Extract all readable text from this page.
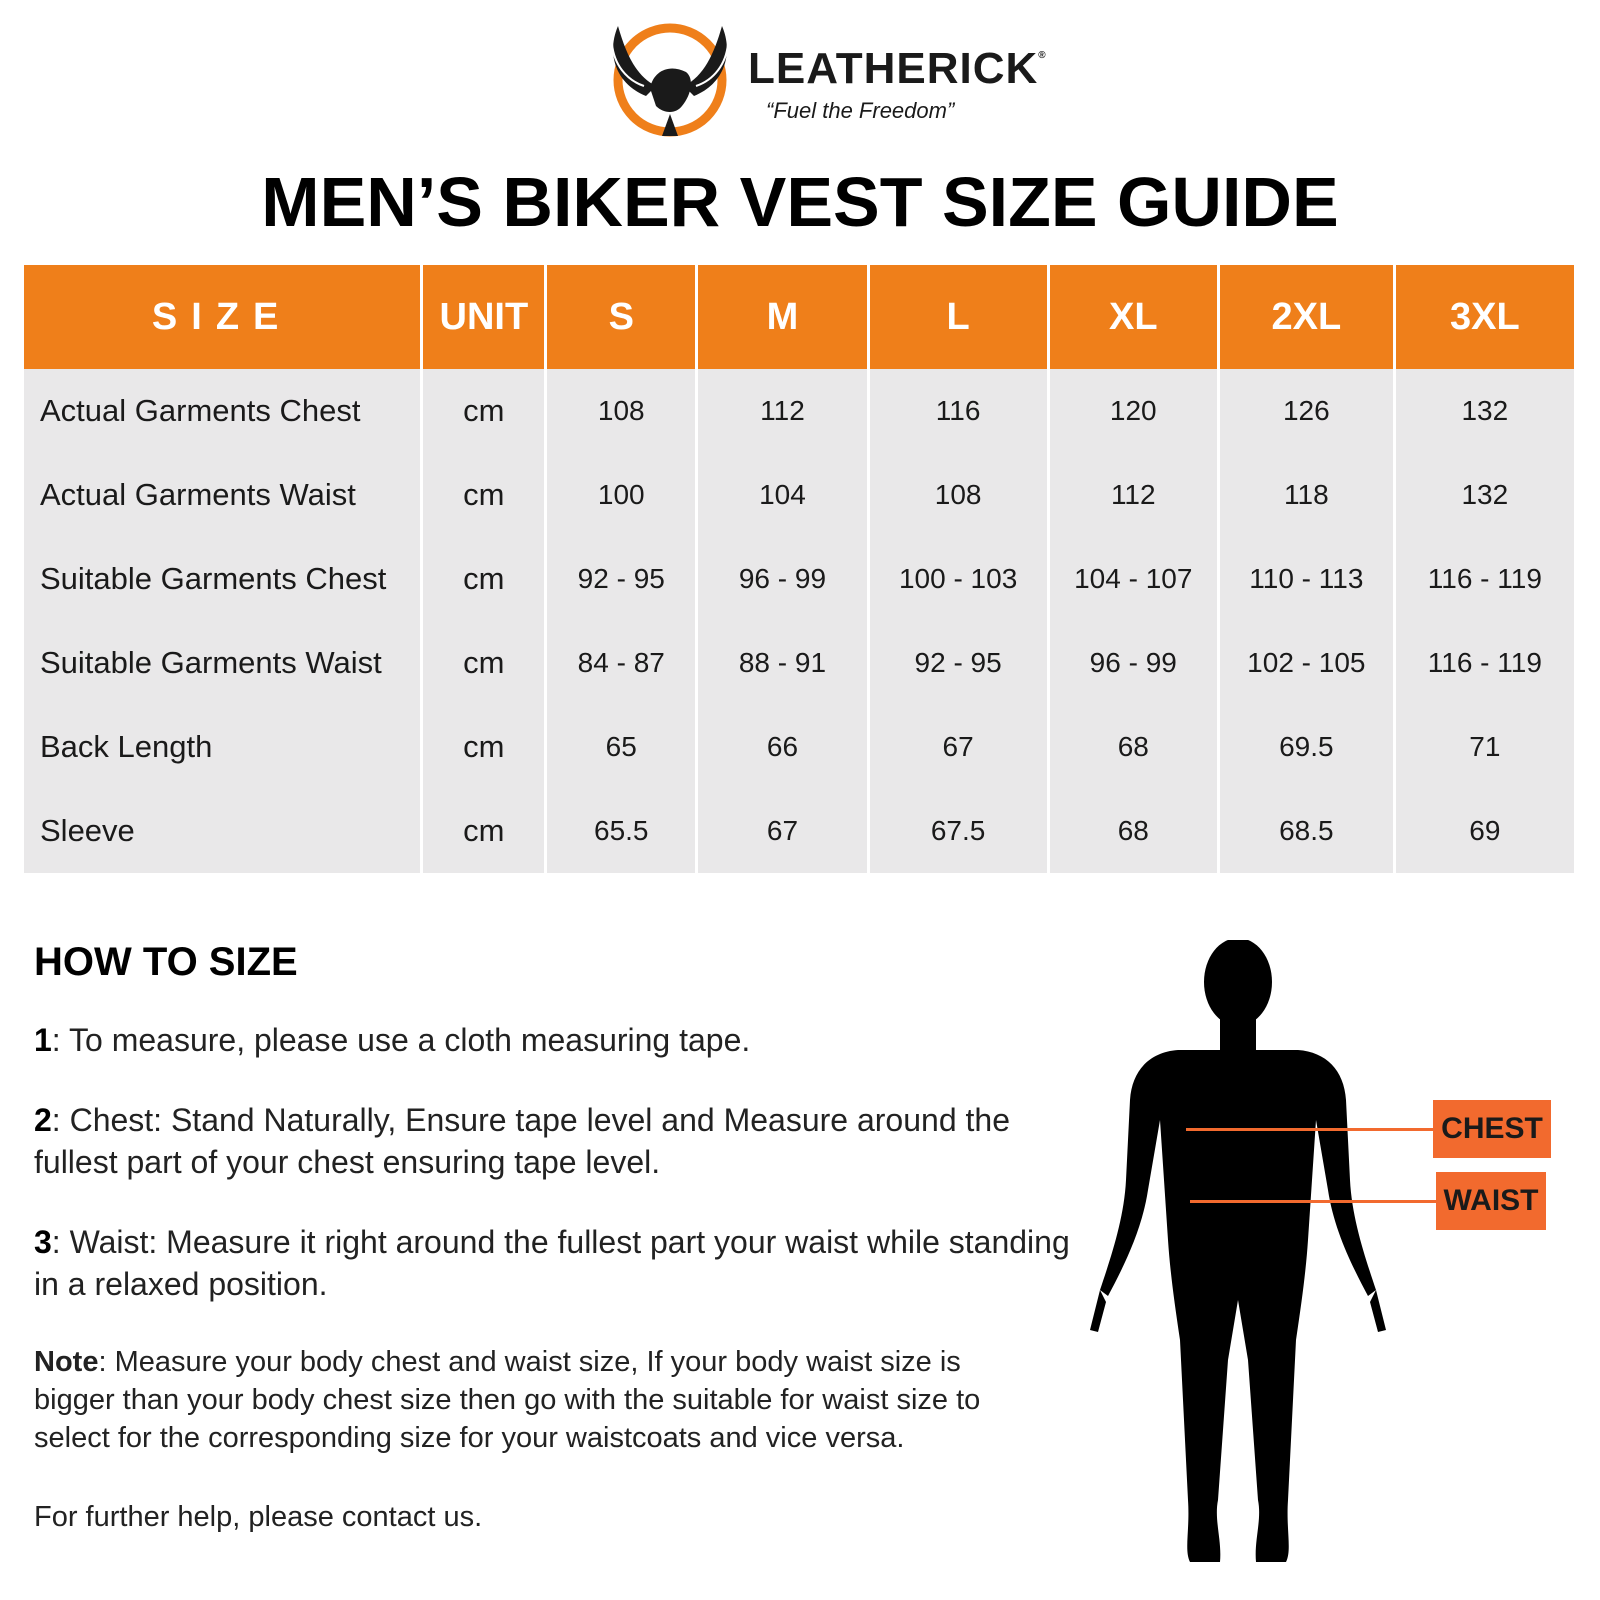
LEATHERICK®
“Fuel the Freedom”
MEN’S BIKER VEST SIZE GUIDE
SIZE	UNIT	S	M	L	XL	2XL	3XL
Actual Garments Chest	cm	108	112	116	120	126	132
Actual Garments Waist	cm	100	104	108	112	118	132
Suitable Garments Chest	cm	92 - 95	96 - 99	100 - 103	104 - 107	110 - 113	116 - 119
Suitable Garments Waist	cm	84 - 87	88 - 91	92 - 95	96 - 99	102 - 105	116 - 119
Back Length	cm	65	66	67	68	69.5	71
Sleeve	cm	65.5	67	67.5	68	68.5	69
HOW TO SIZE

1: To measure, please use a cloth measuring tape.

2: Chest: Stand Naturally, Ensure tape level and Measure around the fullest part of your chest ensuring tape level.

3: Waist: Measure it right around the fullest part your waist while standing in a relaxed position.

Note: Measure your body chest and waist size, If your body waist size is bigger than your body chest size then go with the suitable for waist size to select for the corresponding size for your waistcoats and vice versa.

For further help, please contact us.

CHEST
WAIST
